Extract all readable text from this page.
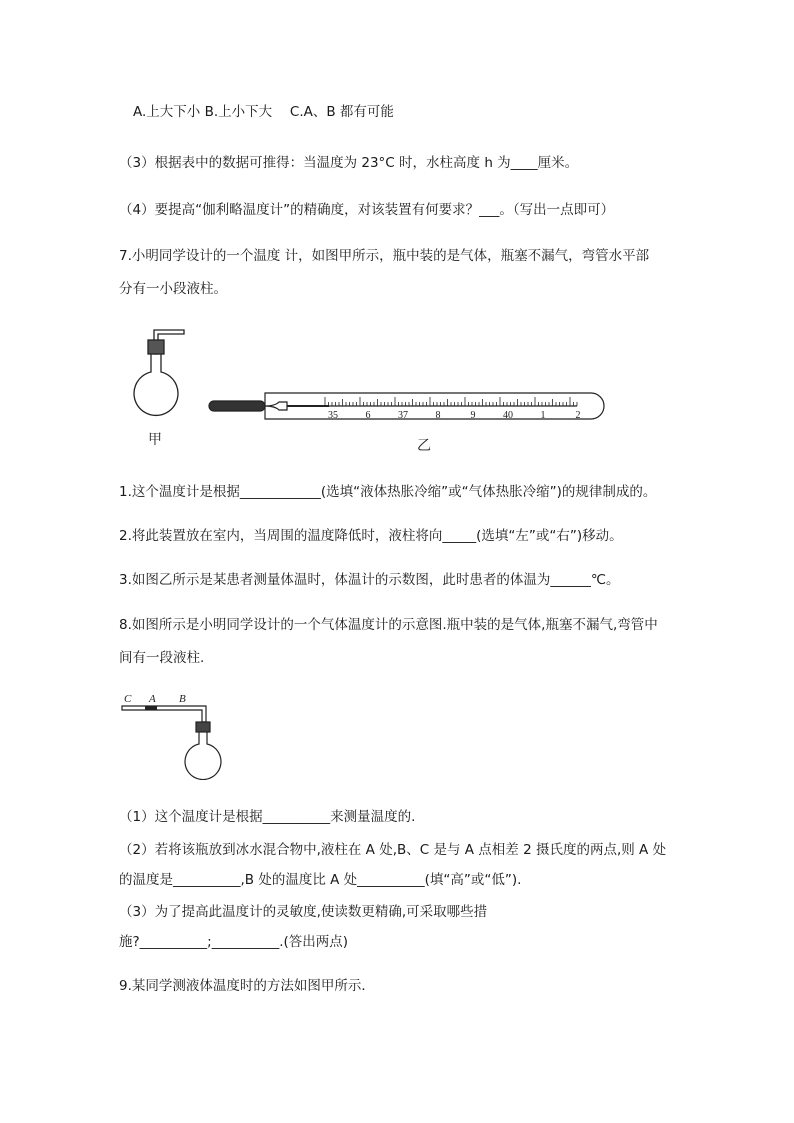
A.上大下小 B.上小下大　 C.A、B 都有可能
（3）根据表中的数据可推得：当温度为 23°C 时，水柱高度 h 为____厘米。
（4）要提高“伽利略温度计”的精确度，对该装置有何要求？___。（写出一点即可）
7.小明同学设计的一个温度 计，如图甲所示，瓶中装的是气体，瓶塞不漏气，弯管水平部
分有一小段液柱。
甲
35	6	37	8	9	40	1	2
乙
1.这个温度计是根据____________(选填“液体热胀冷缩”或“气体热胀冷缩”)的规律制成的。
2.将此装置放在室内，当周围的温度降低时，液柱将向_____(选填“左”或“右”)移动。
3.如图乙所示是某患者测量体温时，体温计的示数图，此时患者的体温为______℃。
8.如图所示是小明同学设计的一个气体温度计的示意图.瓶中装的是气体,瓶塞不漏气,弯管中
间有一段液柱.
C A B
（1）这个温度计是根据__________来测量温度的.
（2）若将该瓶放到冰水混合物中,液柱在 A 处,B、C 是与 A 点相差 2 摄氏度的两点,则 A 处
的温度是__________,B 处的温度比 A 处__________(填“高”或“低”).
（3）为了提高此温度计的灵敏度,使读数更精确,可采取哪些措
施?__________;__________.(答出两点)
9.某同学测液体温度时的方法如图甲所示．
